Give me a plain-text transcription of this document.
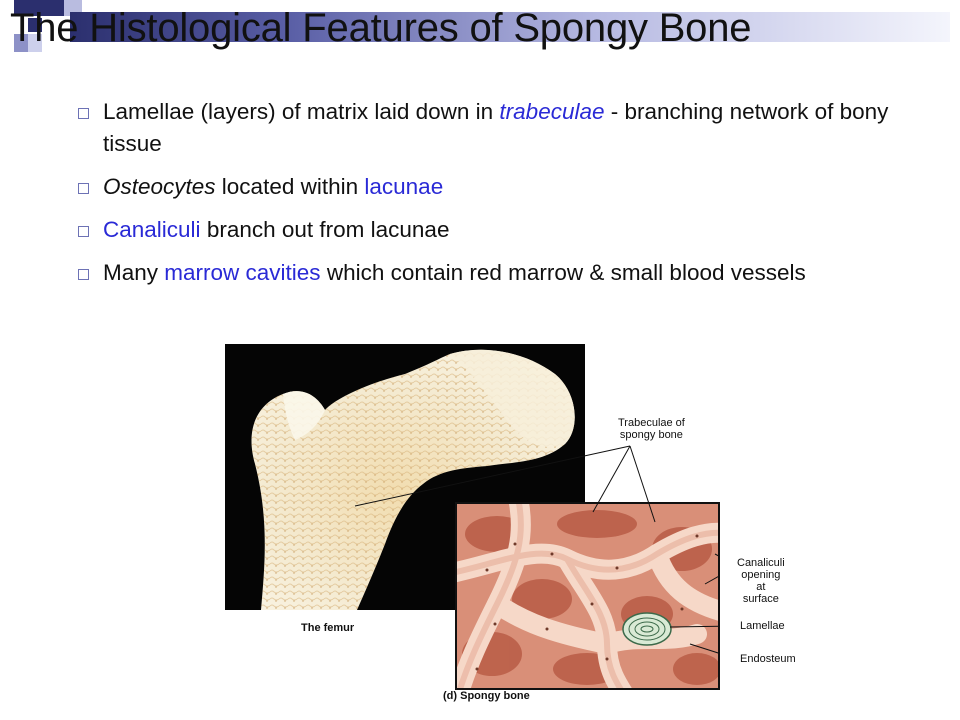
The Histological Features of Spongy Bone
Lamellae (layers) of matrix laid down in trabeculae - branching network of bony tissue
Osteocytes located within lacunae
Canaliculi branch out from lacunae
Many marrow cavities which contain red marrow & small blood vessels
The femur
(d) Spongy bone
Trabeculae of
spongy bone
Canaliculi
opening at
surface
Lamellae
Endosteum
